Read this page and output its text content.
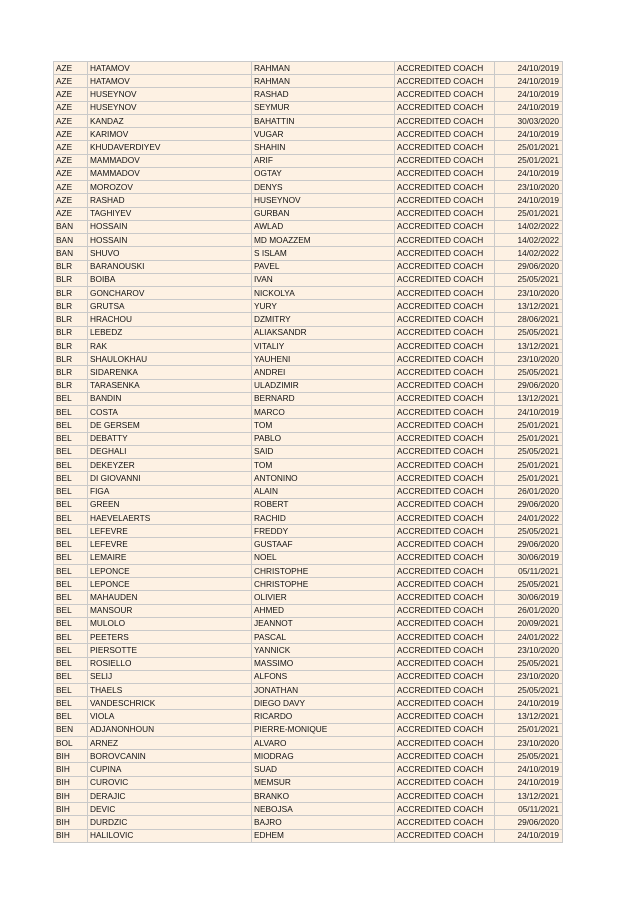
AZE	HATAMOV	RAHMAN	ACCREDITED COACH	24/10/2019
AZE	HATAMOV	RAHMAN	ACCREDITED COACH	24/10/2019
AZE	HUSEYNOV	RASHAD	ACCREDITED COACH	24/10/2019
AZE	HUSEYNOV	SEYMUR	ACCREDITED COACH	24/10/2019
AZE	KANDAZ	BAHATTIN	ACCREDITED COACH	30/03/2020
AZE	KARIMOV	VUGAR	ACCREDITED COACH	24/10/2019
AZE	KHUDAVERDIYEV	SHAHIN	ACCREDITED COACH	25/01/2021
AZE	MAMMADOV	ARIF	ACCREDITED COACH	25/01/2021
AZE	MAMMADOV	OGTAY	ACCREDITED COACH	24/10/2019
AZE	MOROZOV	DENYS	ACCREDITED COACH	23/10/2020
AZE	RASHAD	HUSEYNOV	ACCREDITED COACH	24/10/2019
AZE	TAGHIYEV	GURBAN	ACCREDITED COACH	25/01/2021
BAN	HOSSAIN	AWLAD	ACCREDITED COACH	14/02/2022
BAN	HOSSAIN	MD MOAZZEM	ACCREDITED COACH	14/02/2022
BAN	SHUVO	S ISLAM	ACCREDITED COACH	14/02/2022
BLR	BARANOUSKI	PAVEL	ACCREDITED COACH	29/06/2020
BLR	BOIBA	IVAN	ACCREDITED COACH	25/05/2021
BLR	GONCHAROV	NICKOLYA	ACCREDITED COACH	23/10/2020
BLR	GRUTSA	YURY	ACCREDITED COACH	13/12/2021
BLR	HRACHOU	DZMITRY	ACCREDITED COACH	28/06/2021
BLR	LEBEDZ	ALIAKSANDR	ACCREDITED COACH	25/05/2021
BLR	RAK	VITALIY	ACCREDITED COACH	13/12/2021
BLR	SHAULOKHAU	YAUHENI	ACCREDITED COACH	23/10/2020
BLR	SIDARENKA	ANDREI	ACCREDITED COACH	25/05/2021
BLR	TARASENKA	ULADZIMIR	ACCREDITED COACH	29/06/2020
BEL	BANDIN	BERNARD	ACCREDITED COACH	13/12/2021
BEL	COSTA	MARCO	ACCREDITED COACH	24/10/2019
BEL	DE GERSEM	TOM	ACCREDITED COACH	25/01/2021
BEL	DEBATTY	PABLO	ACCREDITED COACH	25/01/2021
BEL	DEGHALI	SAID	ACCREDITED COACH	25/05/2021
BEL	DEKEYZER	TOM	ACCREDITED COACH	25/01/2021
BEL	DI GIOVANNI	ANTONINO	ACCREDITED COACH	25/01/2021
BEL	FIGA	ALAIN	ACCREDITED COACH	26/01/2020
BEL	GREEN	ROBERT	ACCREDITED COACH	29/06/2020
BEL	HAEVELAERTS	RACHID	ACCREDITED COACH	24/01/2022
BEL	LEFEVRE	FREDDY	ACCREDITED COACH	25/05/2021
BEL	LEFEVRE	GUSTAAF	ACCREDITED COACH	29/06/2020
BEL	LEMAIRE	NOEL	ACCREDITED COACH	30/06/2019
BEL	LEPONCE	CHRISTOPHE	ACCREDITED COACH	05/11/2021
BEL	LEPONCE	CHRISTOPHE	ACCREDITED COACH	25/05/2021
BEL	MAHAUDEN	OLIVIER	ACCREDITED COACH	30/06/2019
BEL	MANSOUR	AHMED	ACCREDITED COACH	26/01/2020
BEL	MULOLO	JEANNOT	ACCREDITED COACH	20/09/2021
BEL	PEETERS	PASCAL	ACCREDITED COACH	24/01/2022
BEL	PIERSOTTE	YANNICK	ACCREDITED COACH	23/10/2020
BEL	ROSIELLO	MASSIMO	ACCREDITED COACH	25/05/2021
BEL	SELIJ	ALFONS	ACCREDITED COACH	23/10/2020
BEL	THAELS	JONATHAN	ACCREDITED COACH	25/05/2021
BEL	VANDESCHRICK	DIEGO DAVY	ACCREDITED COACH	24/10/2019
BEL	VIOLA	RICARDO	ACCREDITED COACH	13/12/2021
BEN	ADJANONHOUN	PIERRE-MONIQUE	ACCREDITED COACH	25/01/2021
BOL	ARNEZ	ALVARO	ACCREDITED COACH	23/10/2020
BIH	BOROVCANIN	MIODRAG	ACCREDITED COACH	25/05/2021
BIH	CUPINA	SUAD	ACCREDITED COACH	24/10/2019
BIH	CUROVIC	MEMSUR	ACCREDITED COACH	24/10/2019
BIH	DERAJIC	BRANKO	ACCREDITED COACH	13/12/2021
BIH	DEVIC	NEBOJSA	ACCREDITED COACH	05/11/2021
BIH	DURDZIC	BAJRO	ACCREDITED COACH	29/06/2020
BIH	HALILOVIC	EDHEM	ACCREDITED COACH	24/10/2019
